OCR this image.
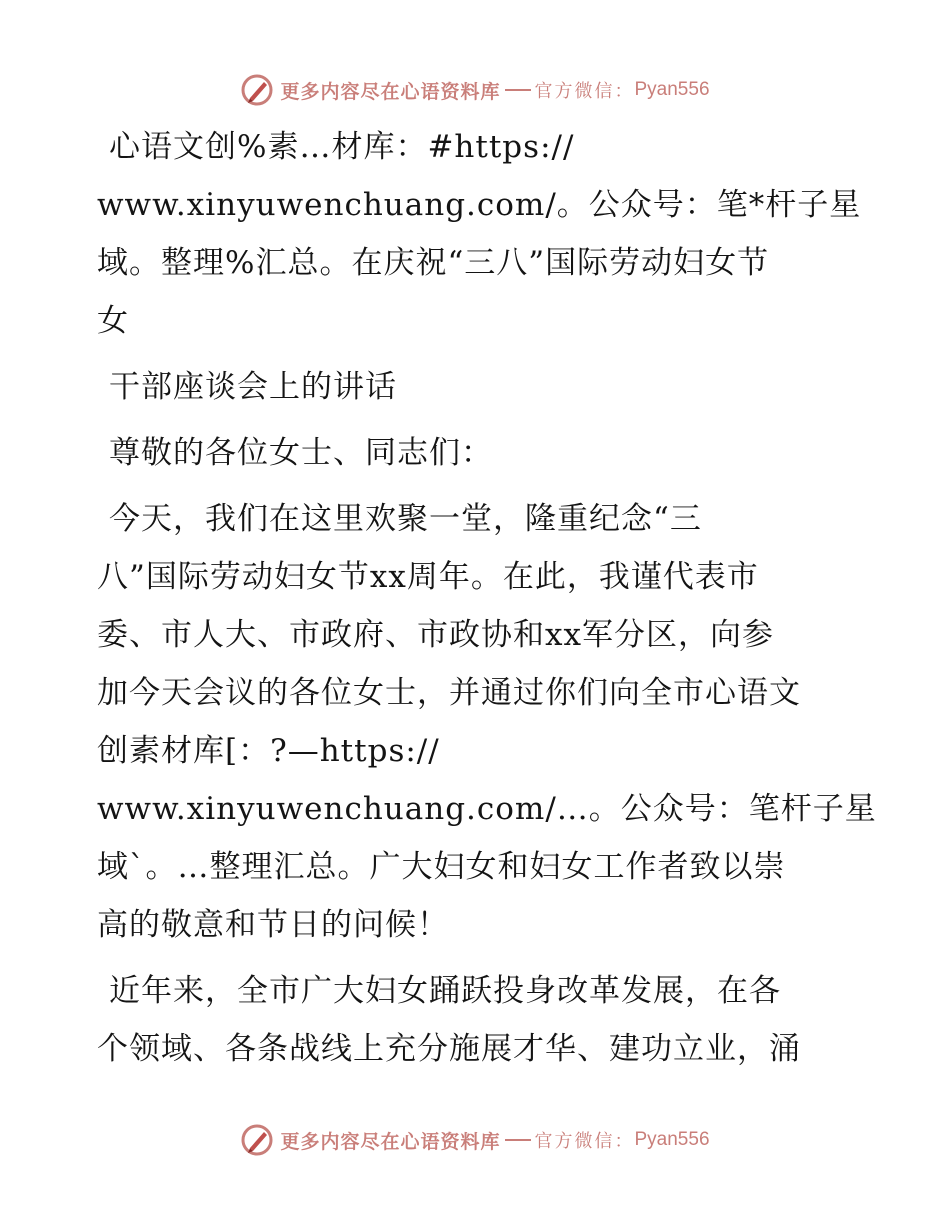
更多内容尽在心语资料库 官方微信： Pyan556
心语文创%素…材库：#https://
www.xinyuwenchuang.com/。公众号：笔*杆子星
域。整理%汇总。在庆祝“三八”国际劳动妇女节
女
干部座谈会上的讲话
尊敬的各位女士、同志们：
今天，我们在这里欢聚一堂，隆重纪念“三
八”国际劳动妇女节xx周年。在此，我谨代表市
委、市人大、市政府、市政协和xx军分区，向参
加今天会议的各位女士，并通过你们向全市心语文
创素材库[：?—https://
www.xinyuwenchuang.com/…。公众号：笔杆子星
域`。…整理汇总。广大妇女和妇女工作者致以崇
高的敬意和节日的问候！
近年来，全市广大妇女踊跃投身改革发展，在各
个领域、各条战线上充分施展才华、建功立业，涌
更多内容尽在心语资料库 官方微信： Pyan556
